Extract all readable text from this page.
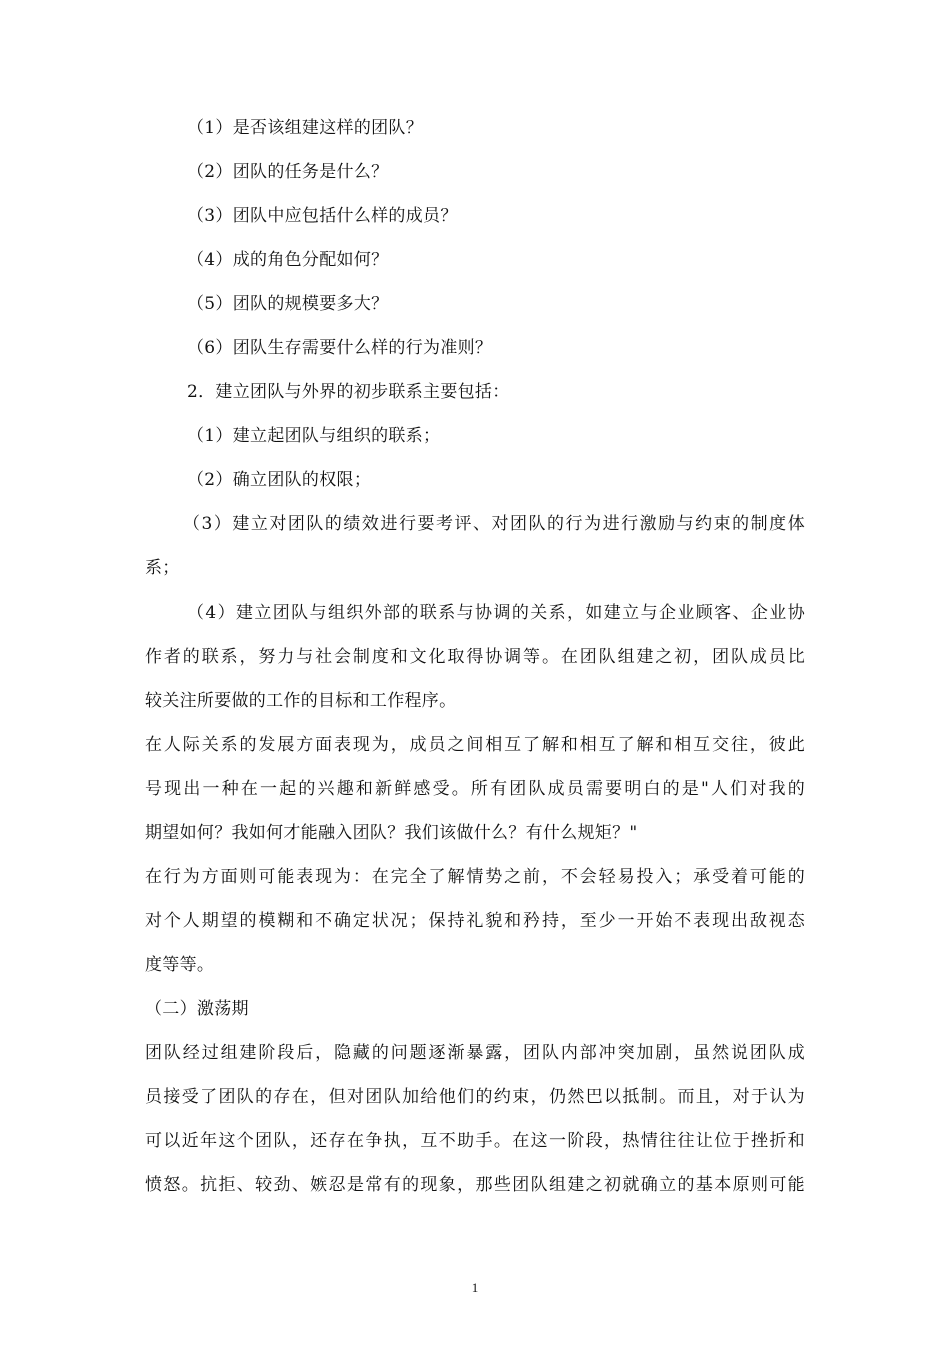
（1）是否该组建这样的团队？
（2）团队的任务是什么？
（3）团队中应包括什么样的成员？
（4）成的角色分配如何？
（5）团队的规模要多大？
（6）团队生存需要什么样的行为准则？
2．建立团队与外界的初步联系主要包括：
（1）建立起团队与组织的联系；
（2）确立团队的权限；
（3）建立对团队的绩效进行要考评、对团队的行为进行激励与约束的制度体
系；
（4）建立团队与组织外部的联系与协调的关系，如建立与企业顾客、企业协
作者的联系，努力与社会制度和文化取得协调等。在团队组建之初，团队成员比
较关注所要做的工作的目标和工作程序。
在人际关系的发展方面表现为，成员之间相互了解和相互了解和相互交往，彼此
号现出一种在一起的兴趣和新鲜感受。所有团队成员需要明白的是"人们对我的
期望如何？我如何才能融入团队？我们该做什么？有什么规矩？"
在行为方面则可能表现为：在完全了解情势之前，不会轻易投入；承受着可能的
对个人期望的模糊和不确定状况；保持礼貌和矜持，至少一开始不表现出敌视态
度等等。
（二）激荡期
团队经过组建阶段后，隐藏的问题逐渐暴露，团队内部冲突加剧，虽然说团队成
员接受了团队的存在，但对团队加给他们的约束，仍然巴以抵制。而且，对于认为
可以近年这个团队，还存在争执，互不助手。在这一阶段，热情往往让位于挫折和
愤怒。抗拒、较劲、嫉忍是常有的现象，那些团队组建之初就确立的基本原则可能
1
